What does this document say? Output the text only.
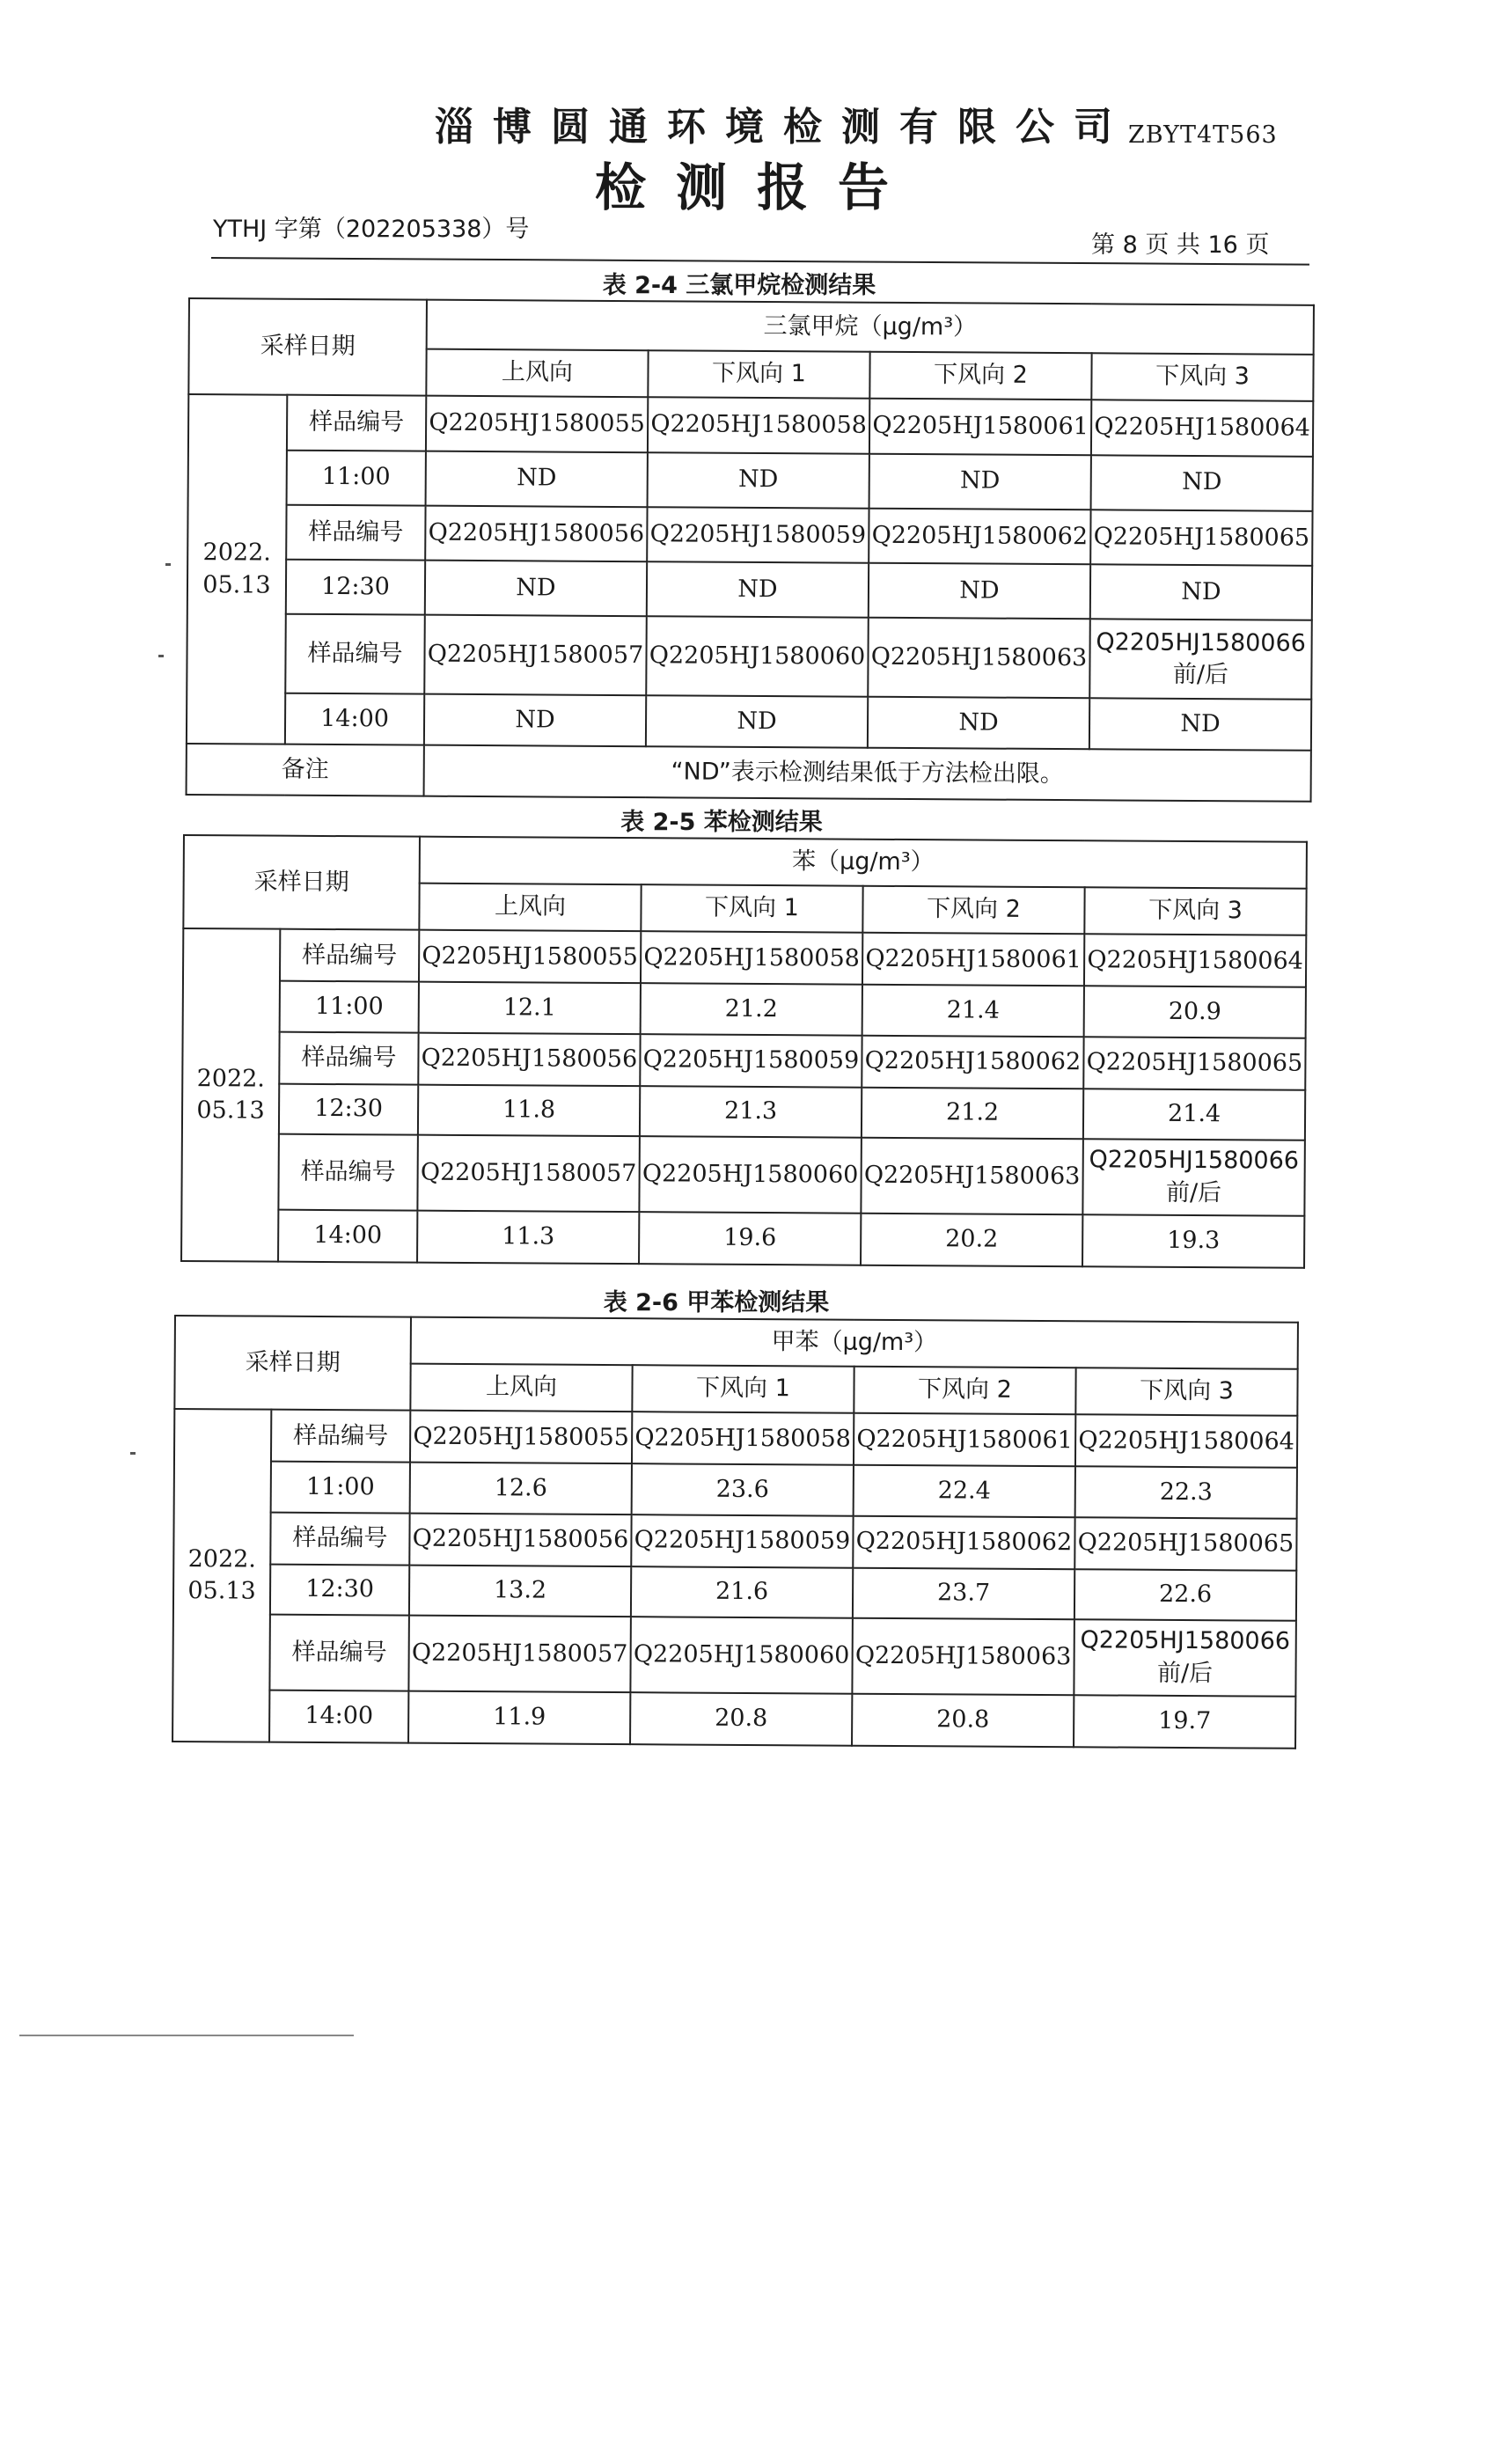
淄博圆通环境检测有限公司
ZBYT4T563
检测报告
YTHJ 字第（202205338）号
第 8 页 共 16 页
表 2-4 三氯甲烷检测结果
采样日期		三氯甲烷（μg/m³）			
		上风向	下风向 1	下风向 2	下风向 3
2022.
05.13	样品编号	Q2205HJ1580055	Q2205HJ1580058	Q2205HJ1580061	Q2205HJ1580064
	11:00	ND	ND	ND	ND
	样品编号	Q2205HJ1580056	Q2205HJ1580059	Q2205HJ1580062	Q2205HJ1580065
	12:30	ND	ND	ND	ND
	样品编号	Q2205HJ1580057	Q2205HJ1580060	Q2205HJ1580063	Q2205HJ1580066
前/后
	14:00	ND	ND	ND	ND
备注		“ND”表示检测结果低于方法检出限。			
表 2-5 苯检测结果
采样日期		苯（μg/m³）			
		上风向	下风向 1	下风向 2	下风向 3
2022.
05.13	样品编号	Q2205HJ1580055	Q2205HJ1580058	Q2205HJ1580061	Q2205HJ1580064
	11:00	12.1	21.2	21.4	20.9
	样品编号	Q2205HJ1580056	Q2205HJ1580059	Q2205HJ1580062	Q2205HJ1580065
	12:30	11.8	21.3	21.2	21.4
	样品编号	Q2205HJ1580057	Q2205HJ1580060	Q2205HJ1580063	Q2205HJ1580066
前/后
	14:00	11.3	19.6	20.2	19.3
表 2-6 甲苯检测结果
采样日期		甲苯（μg/m³）			
		上风向	下风向 1	下风向 2	下风向 3
2022.
05.13	样品编号	Q2205HJ1580055	Q2205HJ1580058	Q2205HJ1580061	Q2205HJ1580064
	11:00	12.6	23.6	22.4	22.3
	样品编号	Q2205HJ1580056	Q2205HJ1580059	Q2205HJ1580062	Q2205HJ1580065
	12:30	13.2	21.6	23.7	22.6
	样品编号	Q2205HJ1580057	Q2205HJ1580060	Q2205HJ1580063	Q2205HJ1580066
前/后
	14:00	11.9	20.8	20.8	19.7
